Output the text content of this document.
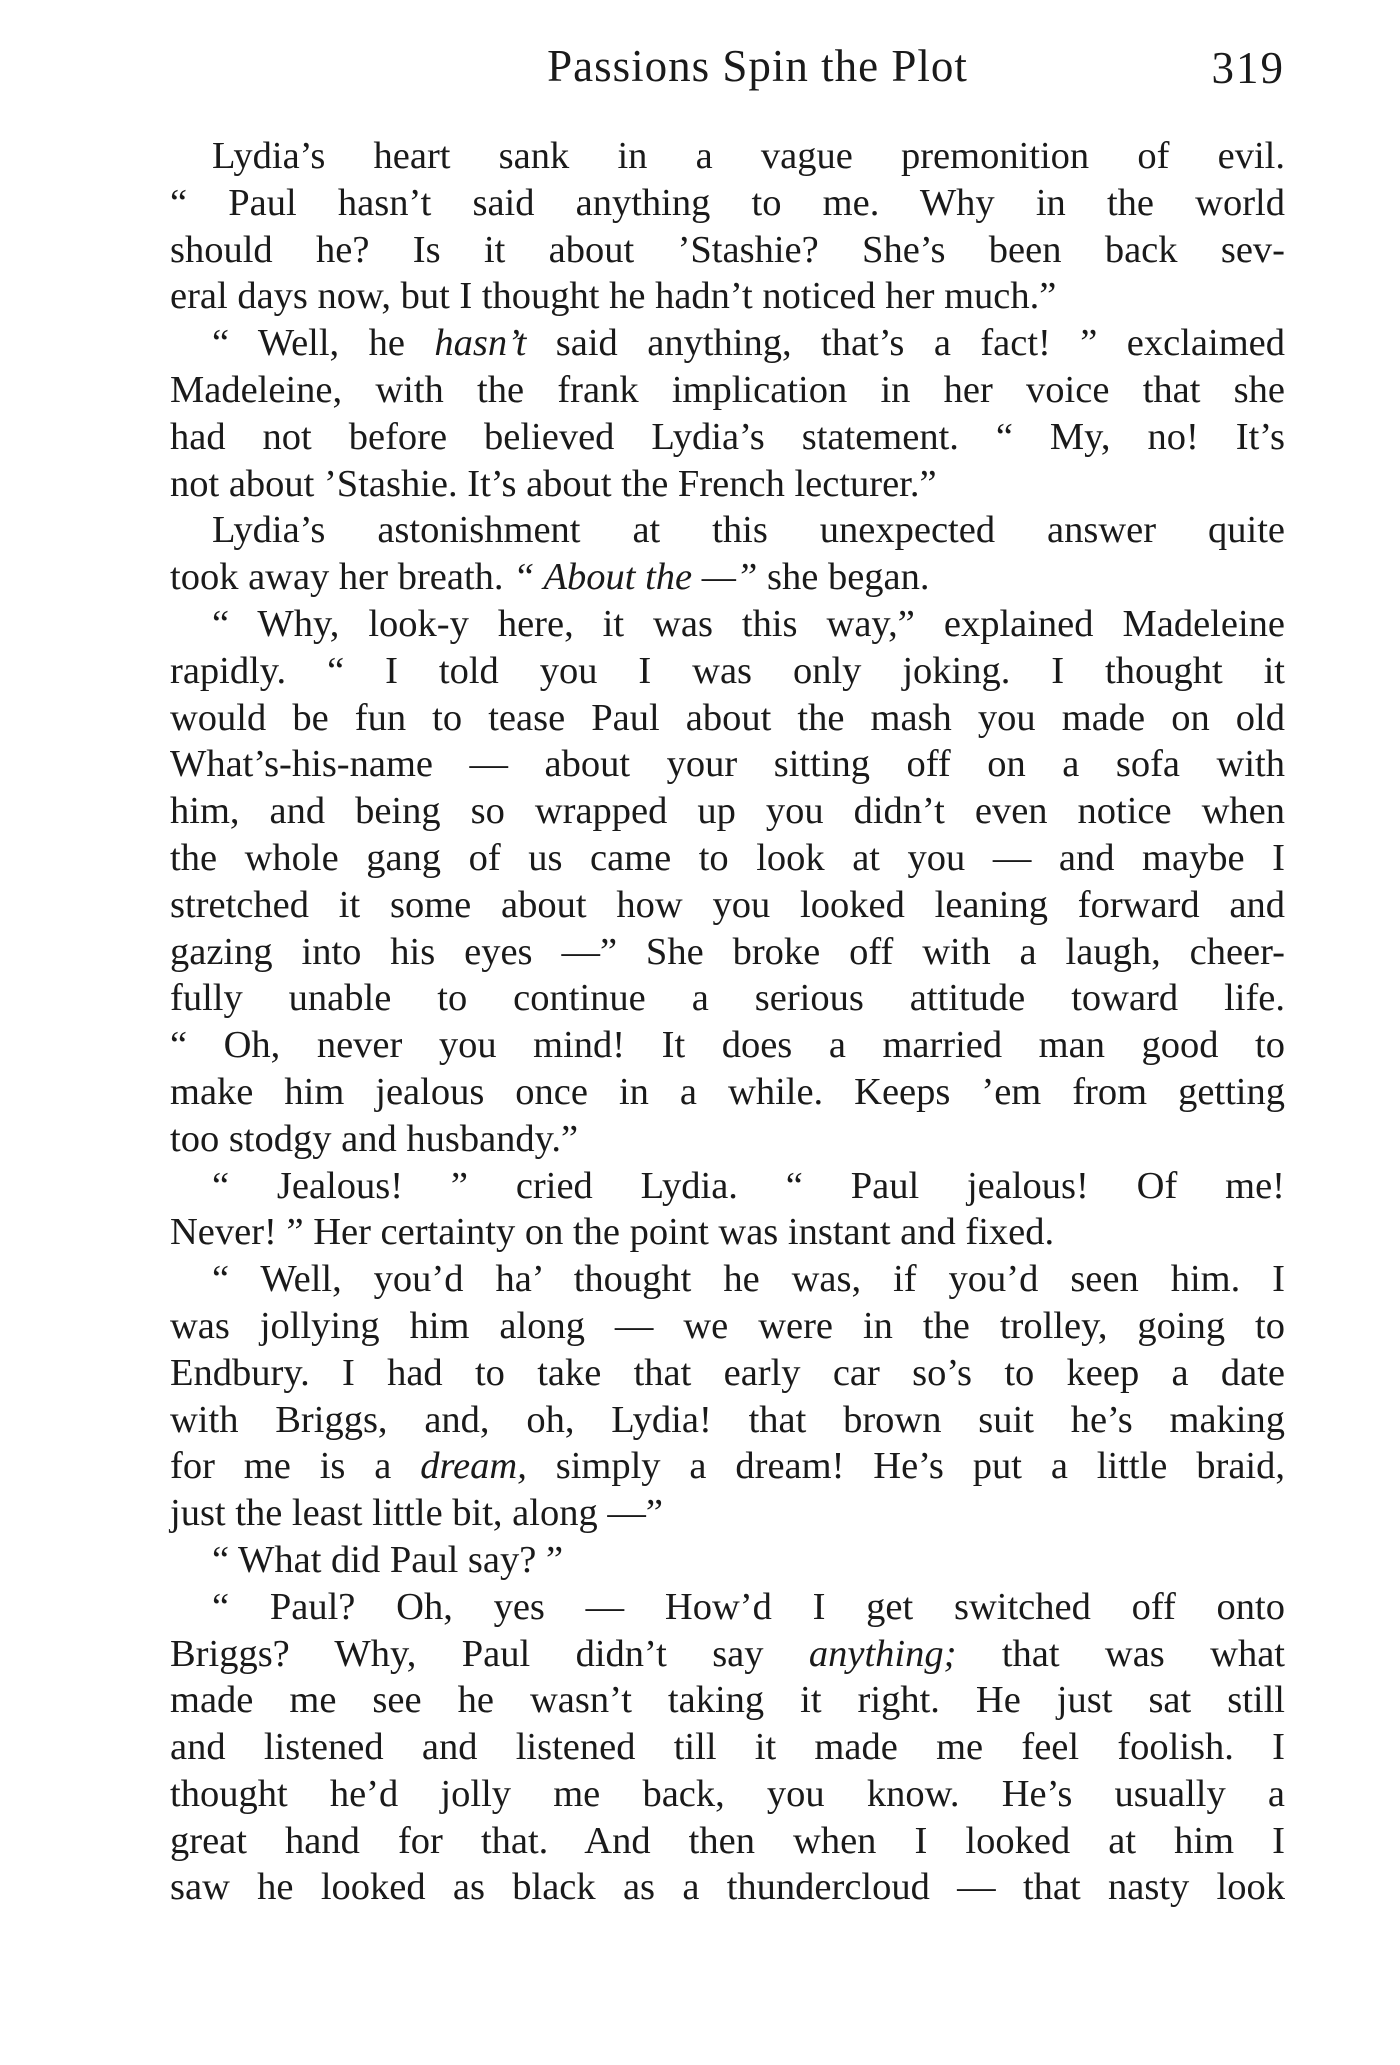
Passions Spin the Plot	319
Lydia’s heart sank in a vague premonition of evil.
“ Paul hasn’t said anything to me. Why in the world
should he? Is it about ’Stashie? She’s been back sev-
eral days now, but I thought he hadn’t noticed her much.”
“ Well, he hasn’t said anything, that’s a fact! ” exclaimed
Madeleine, with the frank implication in her voice that she
had not before believed Lydia’s statement. “ My, no! It’s
not about ’Stashie. It’s about the French lecturer.”
Lydia’s astonishment at this unexpected answer quite
took away her breath. “ About the —” she began.
“ Why, look-y here, it was this way,” explained Madeleine
rapidly. “ I told you I was only joking. I thought it
would be fun to tease Paul about the mash you made on old
What’s-his-name — about your sitting off on a sofa with
him, and being so wrapped up you didn’t even notice when
the whole gang of us came to look at you — and maybe I
stretched it some about how you looked leaning forward and
gazing into his eyes —” She broke off with a laugh, cheer-
fully unable to continue a serious attitude toward life.
“ Oh, never you mind! It does a married man good to
make him jealous once in a while. Keeps ’em from getting
too stodgy and husbandy.”
“ Jealous! ” cried Lydia. “ Paul jealous! Of me!
Never! ” Her certainty on the point was instant and fixed.
“ Well, you’d ha’ thought he was, if you’d seen him. I
was jollying him along — we were in the trolley, going to
Endbury. I had to take that early car so’s to keep a date
with Briggs, and, oh, Lydia! that brown suit he’s making
for me is a dream, simply a dream! He’s put a little braid,
just the least little bit, along —”
“ What did Paul say? ”
“ Paul? Oh, yes — How’d I get switched off onto
Briggs? Why, Paul didn’t say anything; that was what
made me see he wasn’t taking it right. He just sat still
and listened and listened till it made me feel foolish. I
thought he’d jolly me back, you know. He’s usually a
great hand for that. And then when I looked at him I
saw he looked as black as a thundercloud — that nasty look
